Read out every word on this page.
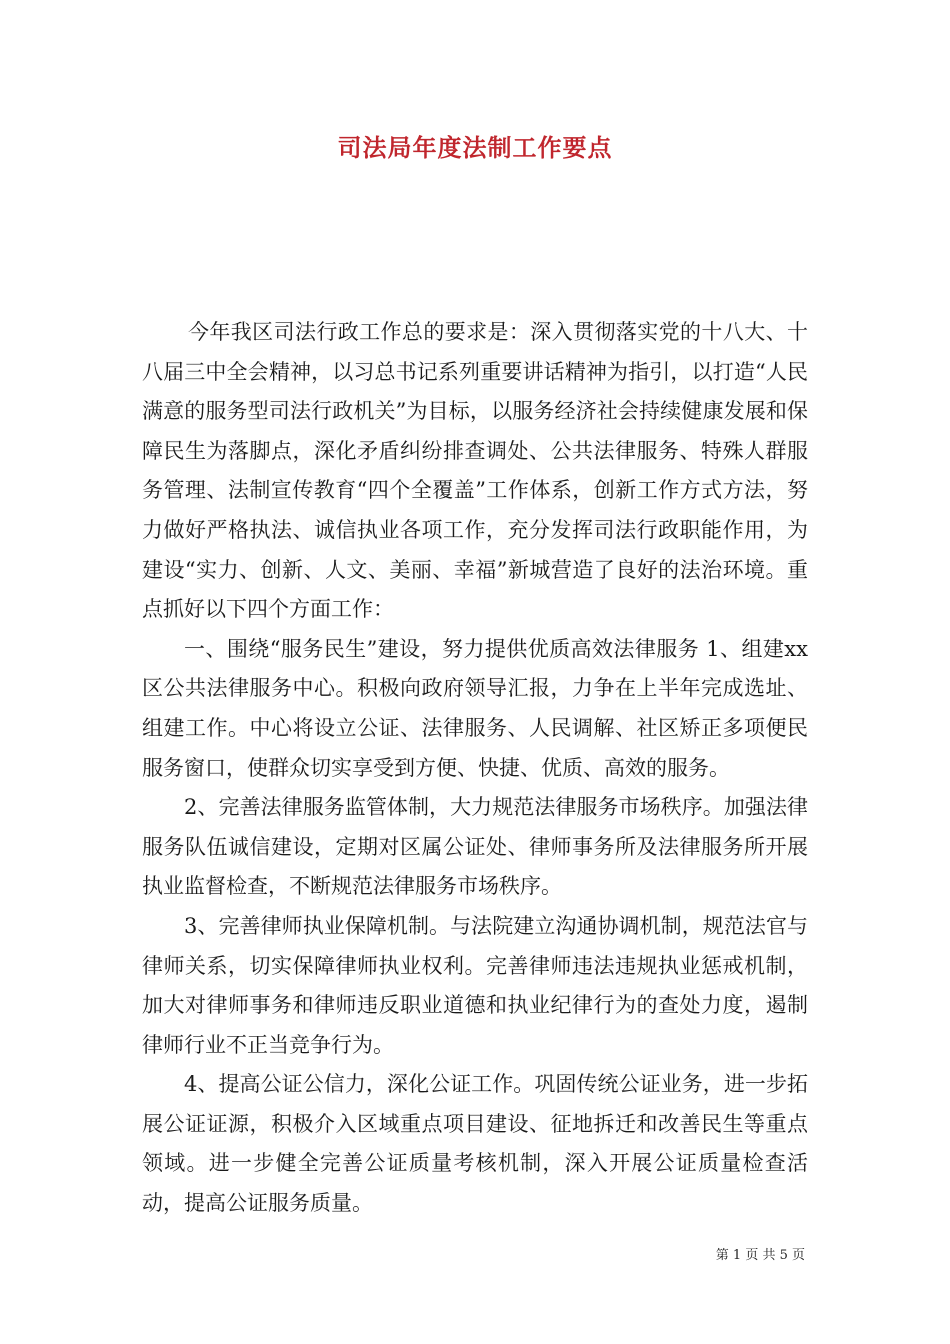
司法局年度法制工作要点

今年我区司法行政工作总的要求是：深入贯彻落实党的十八大、十八届三中全会精神，以习总书记系列重要讲话精神为指引，以打造“人民满意的服务型司法行政机关”为目标，以服务经济社会持续健康发展和保障民生为落脚点，深化矛盾纠纷排查调处、公共法律服务、特殊人群服务管理、法制宣传教育“四个全覆盖”工作体系，创新工作方式方法，努力做好严格执法、诚信执业各项工作，充分发挥司法行政职能作用，为建设“实力、创新、人文、美丽、幸福”新城营造了良好的法治环境。重点抓好以下四个方面工作：

一、围绕“服务民生”建设，努力提供优质高效法律服务 1、组建xx区公共法律服务中心。积极向政府领导汇报，力争在上半年完成选址、组建工作。中心将设立公证、法律服务、人民调解、社区矫正多项便民服务窗口，使群众切实享受到方便、快捷、优质、高效的服务。

2、完善法律服务监管体制，大力规范法律服务市场秩序。加强法律服务队伍诚信建设，定期对区属公证处、律师事务所及法律服务所开展执业监督检查，不断规范法律服务市场秩序。

3、完善律师执业保障机制。与法院建立沟通协调机制，规范法官与律师关系，切实保障律师执业权利。完善律师违法违规执业惩戒机制，加大对律师事务和律师违反职业道德和执业纪律行为的查处力度，遏制律师行业不正当竞争行为。

4、提高公证公信力，深化公证工作。巩固传统公证业务，进一步拓展公证证源，积极介入区域重点项目建设、征地拆迁和改善民生等重点领域。进一步健全完善公证质量考核机制，深入开展公证质量检查活动，提高公证服务质量。

第 1 页 共 5 页
